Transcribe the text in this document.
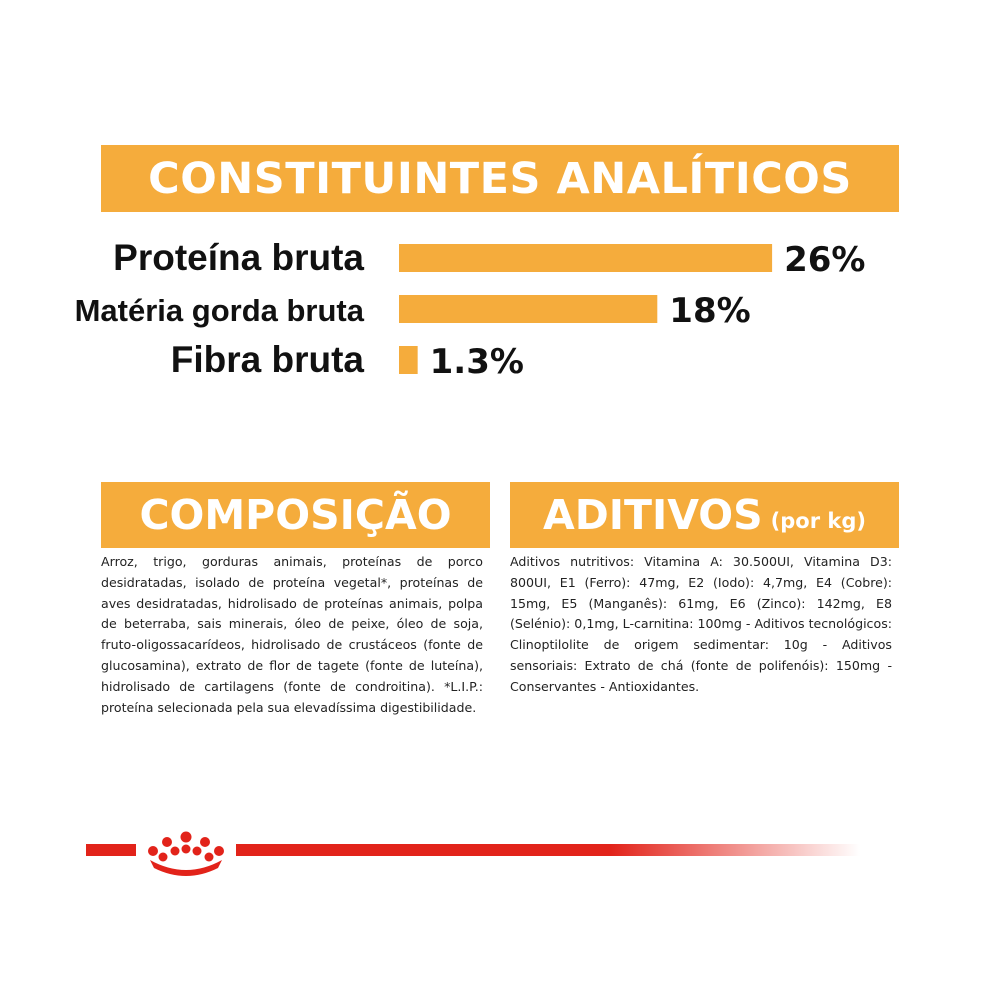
CONSTITUINTES ANALÍTICOS
Proteína bruta	26%
Matéria gorda bruta	18%
Fibra bruta 1.3%
COMPOSIÇÃO
Arroz, trigo, gorduras animais, proteínas de porco desidratadas, isolado de proteína vegetal*, proteínas de aves desidratadas, hidrolisado de proteínas animais, polpa de beterraba, sais minerais, óleo de peixe, óleo de soja, fruto-oligossacarídeos, hidrolisado de crustáceos (fonte de glucosamina), extrato de flor de tagete (fonte de luteína), hidrolisado de cartilagens (fonte de condroitina). *L.I.P.: proteína selecionada pela sua elevadíssima digestibilidade.
ADITIVOS (por kg)
Aditivos nutritivos: Vitamina A: 30.500UI, Vitamina D3: 800UI, E1 (Ferro): 47mg, E2 (Iodo): 4,7mg, E4 (Cobre): 15mg, E5 (Manganês): 61mg, E6 (Zinco): 142mg, E8 (Selénio): 0,1mg, L-carnitina: 100mg - Aditivos tecnológicos: Clinoptilolite de origem sedimentar: 10g - Aditivos sensoriais: Extrato de chá (fonte de polifenóis): 150mg - Conservantes - Antioxidantes.
